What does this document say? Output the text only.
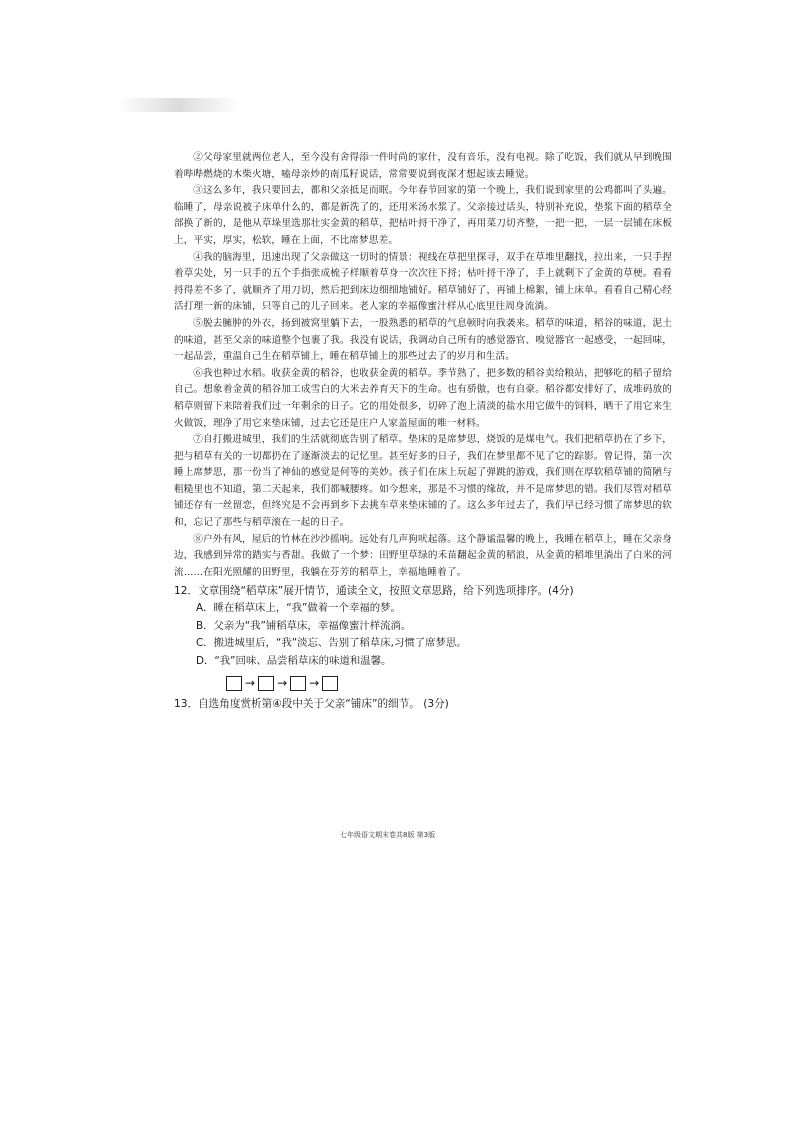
②父母家里就两位老人，至今没有舍得添一件时尚的家什，没有音乐，没有电视。除了吃饭，我们就从早到晚围着哔哔燃烧的木柴火塘，嗑母亲炒的南瓜籽说话，常常要说到夜深才想起该去睡觉。

③这么多年，我只要回去，都和父亲抵足而眠。今年春节回家的第一个晚上，我们说到家里的公鸡都叫了头遍。临睡了，母亲说被子床单什么的，都是新洗了的，还用米汤水浆了。父亲接过话头，特别补充说，垫浆下面的稻草全部换了新的，是他从草垛里选那壮实金黄的稻草，把枯叶捋干净了，再用菜刀切齐整，一把一把，一层一层铺在床板上，平实，厚实，松软，睡在上面，不比席梦思差。

④我的脑海里，迅速出现了父亲做这一切时的情景：视线在草把里探寻，双手在草堆里翻找，拉出来，一只手捏着草尖处，另一只手的五个手指张成梳子样顺着草身一次次往下捋；枯叶捋干净了，手上就剩下了金黄的草梗。看看捋得差不多了，就顺齐了用刀切，然后把到床边细细地铺好。稻草铺好了，再铺上棉絮，铺上床单。看看自己精心经活打理一新的床铺，只等自己的儿子回来。老人家的幸福像蜜汁样从心底里往周身流淌。

⑤脱去臃肿的外衣，扬到被窝里躺下去，一股熟悉的稻草的气息顿时向我袭来。稻草的味道，稻谷的味道，泥土的味道，甚至父亲的味道整个包裹了我。我没有说话，我调动自己所有的感觉器官、嗅觉器官一起感受，一起回味，一起品尝，重温自己生在稻草铺上，睡在稻草铺上的那些过去了的岁月和生活。

⑥我也种过水稻。收获金黄的稻谷，也收获金黄的稻草。季节熟了，把多数的稻谷卖给粮站，把够吃的稻子留给自己。想象着金黄的稻谷加工成雪白的大米去养育天下的生命。也有骄傲，也有自豪。稻谷都安排好了，成堆码放的稻草则留下来陪着我们过一年剩余的日子。它的用处很多，切碎了泡上清淡的盐水用它做牛的饲料，晒干了用它来生火做饭，理净了用它来垫床铺，过去它还是庄户人家盖屋面的唯一材料。

⑦自打搬进城里，我们的生活就彻底告别了稻草。垫床的是席梦思，烧饭的是煤电气。我们把稻草扔在了乡下，把与稻草有关的一切都扔在了逐渐淡去的记忆里。甚至好多的日子，我们在梦里都不见了它的踪影。曾记得，第一次睡上席梦思，那一份当了神仙的感觉是何等的美妙。孩子们在床上玩起了弹跳的游戏，我们则在厚软稻草铺的简陋与粗糙里也不知道，第二天起来，我们都喊腰疼。如今想来，那是不习惯的缘故，并不是席梦思的错。我们尽管对稻草铺还存有一丝留恋，但终究是不会再到乡下去挑车草来垫床铺的了。这么多年过去了，我们早已经习惯了席梦思的软和，忘记了那些与稻草滚在一起的日子。

⑧户外有风，屋后的竹林在沙沙摇响。远处有几声狗吠起落。这个静谧温馨的晚上，我睡在稻草上，睡在父亲身边，我感到异常的踏实与香甜。我做了一个梦：田野里草绿的禾苗翻起金黄的稻浪，从金黄的稻堆里淌出了白米的河流……在阳光照耀的田野里，我躺在芬芳的稻草上，幸福地睡着了。

12．文章围绕“稻草床”展开情节，通读全文，按照文章思路，给下列选项排序。(4分)

A．睡在稻草床上，“我”做着一个幸福的梦。

B．父亲为“我”铺稻草床，幸福像蜜汁样流淌。

C．搬进城里后，“我”淡忘、告别了稻草床,习惯了席梦思。

D．“我”回味、品尝稻草床的味道和温馨。

→ → →

13．自选角度赏析第④段中关于父亲“铺床”的细节。 (3分)

七年级语文期末卷共8版 第3版
